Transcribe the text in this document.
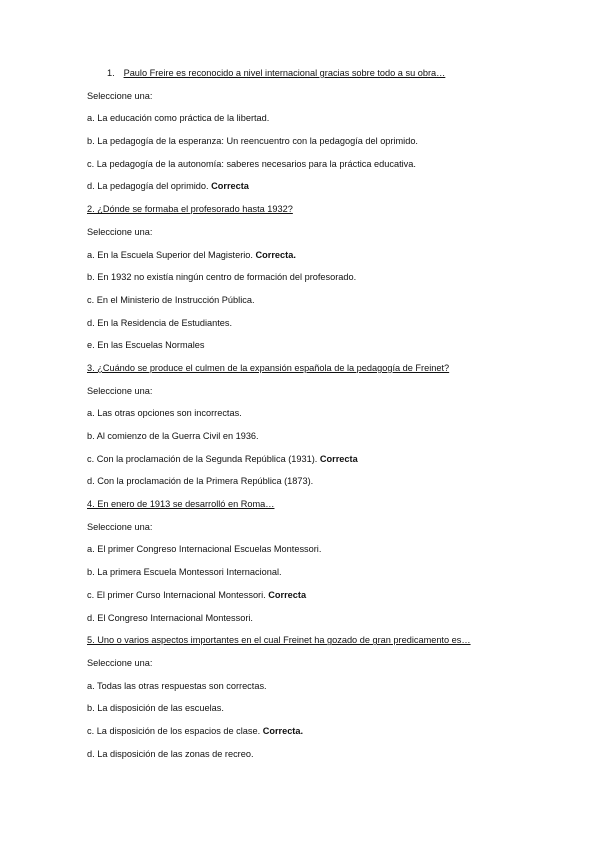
1. Paulo Freire es reconocido a nivel internacional gracias sobre todo a su obra…
Seleccione una:
a. La educación como práctica de la libertad.
b. La pedagogía de la esperanza: Un reencuentro con la pedagogía del oprimido.
c. La pedagogía de la autonomía: saberes necesarios para la práctica educativa.
d. La pedagogía del oprimido. Correcta
2. ¿Dónde se formaba el profesorado hasta 1932?
Seleccione una:
a. En la Escuela Superior del Magisterio. Correcta.
b. En 1932 no existía ningún centro de formación del profesorado.
c. En el Ministerio de Instrucción Pública.
d. En la Residencia de Estudiantes.
e. En las Escuelas Normales
3. ¿Cuándo se produce el culmen de la expansión española de la pedagogía de Freinet?
Seleccione una:
a. Las otras opciones son incorrectas.
b. Al comienzo de la Guerra Civil en 1936.
c. Con la proclamación de la Segunda República (1931). Correcta
d. Con la proclamación de la Primera República (1873).
4. En enero de 1913 se desarrolló en Roma…
Seleccione una:
a. El primer Congreso Internacional Escuelas Montessori.
b. La primera Escuela Montessori Internacional.
c. El primer Curso Internacional Montessori. Correcta
d. El Congreso Internacional Montessori.
5. Uno o varios aspectos importantes en el cual Freinet ha gozado de gran predicamento es…
Seleccione una:
a. Todas las otras respuestas son correctas.
b. La disposición de las escuelas.
c. La disposición de los espacios de clase. Correcta.
d. La disposición de las zonas de recreo.
